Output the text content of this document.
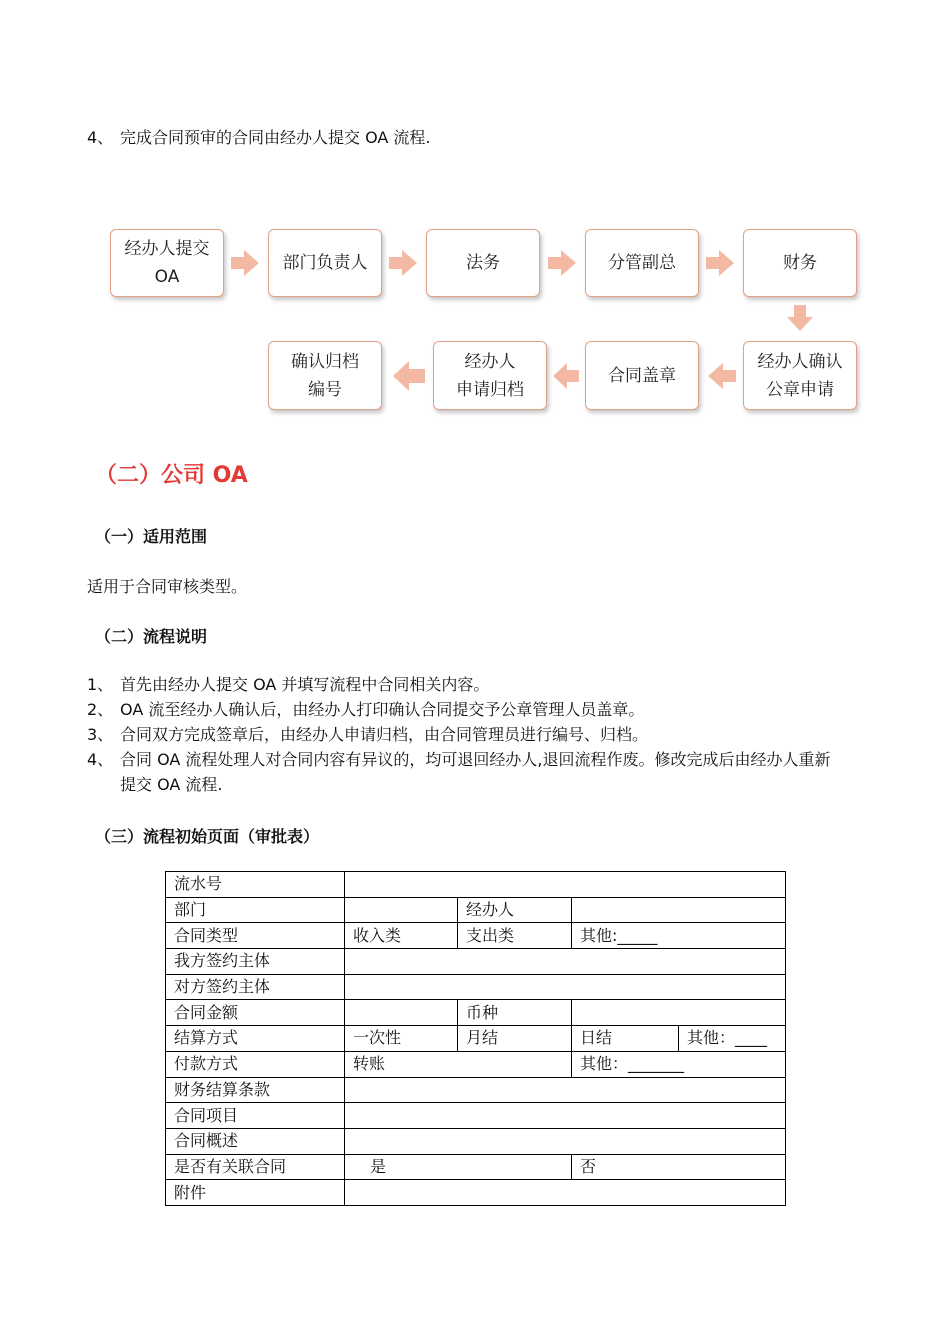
4、 完成合同预审的合同由经办人提交 OA 流程.
经办人提交
OA
部门负责人	法务	分管副总	财务
经办人确认
公章申请
合同盖章
经办人
申请归档
确认归档
编号
（二）公司 OA
（一）适用范围
适用于合同审核类型。
（二）流程说明
1、 首先由经办人提交 OA 并填写流程中合同相关内容。
2、 OA 流至经办人确认后，由经办人打印确认合同提交予公章管理人员盖章。
3、 合同双方完成签章后，由经办人申请归档，由合同管理员进行编号、归档。
4、 合同 OA 流程处理人对合同内容有异议的，均可退回经办人,退回流程作废。修改完成后由经办人重新
提交 OA 流程.
（三）流程初始页面（审批表）
流水号				
部门		经办人		
合同类型	收入类	支出类	其他:_____	
我方签约主体				
对方签约主体				
合同金额		币种		
结算方式	一次性	月结	日结	其他：____
付款方式	转账		其他：_______	
财务结算条款				
合同项目				
合同概述				
是否有关联合同	是		否	
附件				
